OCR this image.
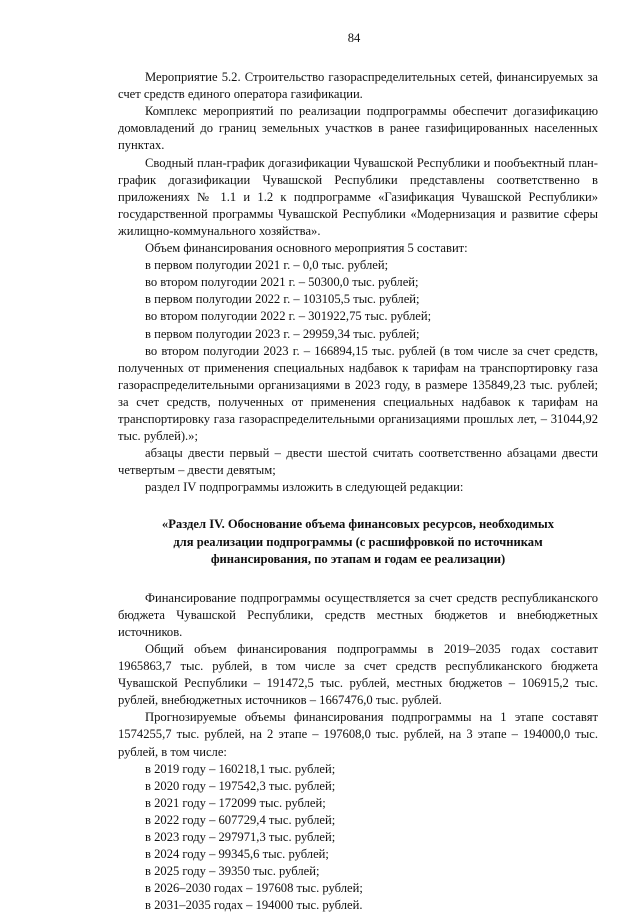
84

Мероприятие 5.2. Строительство газораспределительных сетей, финансируемых за счет средств единого оператора газификации.

Комплекс мероприятий по реализации подпрограммы обеспечит догазификацию домовладений до границ земельных участков в ранее газифицированных населенных пунктах.

Сводный план-график догазификации Чувашской Республики и пообъектный план-график догазификации Чувашской Республики представлены соответственно в приложениях № 1.1 и 1.2 к подпрограмме «Газификация Чувашской Республики» государственной программы Чувашской Республики «Модернизация и развитие сферы жилищно-коммунального хозяйства».

Объем финансирования основного мероприятия 5 составит:

в первом полугодии 2021 г. – 0,0 тыс. рублей;

во втором полугодии 2021 г. – 50300,0 тыс. рублей;

в первом полугодии 2022 г. – 103105,5 тыс. рублей;

во втором полугодии 2022 г. – 301922,75 тыс. рублей;

в первом полугодии 2023 г. – 29959,34 тыс. рублей;

во втором полугодии 2023 г. – 166894,15 тыс. рублей (в том числе за счет средств, полученных от применения специальных надбавок к тарифам на транспортировку газа газораспределительными организациями в 2023 году, в размере 135849,23 тыс. рублей; за счет средств, полученных от применения специальных надбавок к тарифам на транспортировку газа газораспределительными организациями прошлых лет, – 31044,92 тыс. рублей).»;

абзацы двести первый – двести шестой считать соответственно абзацами двести четвертым – двести девятым;

раздел IV подпрограммы изложить в следующей редакции:

«Раздел IV. Обоснование объема финансовых ресурсов, необходимых
для реализации подпрограммы (с расшифровкой по источникам
финансирования, по этапам и годам ее реализации)

Финансирование подпрограммы осуществляется за счет средств республиканского бюджета Чувашской Республики, средств местных бюджетов и внебюджетных источников.

Общий объем финансирования подпрограммы в 2019–2035 годах составит 1965863,7 тыс. рублей, в том числе за счет средств республиканского бюджета Чувашской Республики – 191472,5 тыс. рублей, местных бюджетов – 106915,2 тыс. рублей, внебюджетных источников – 1667476,0 тыс. рублей.

Прогнозируемые объемы финансирования подпрограммы на 1 этапе составят 1574255,7 тыс. рублей, на 2 этапе – 197608,0 тыс. рублей, на 3 этапе – 194000,0 тыс. рублей, в том числе:

в 2019 году – 160218,1 тыс. рублей;

в 2020 году – 197542,3 тыс. рублей;

в 2021 году – 172099 тыс. рублей;

в 2022 году – 607729,4 тыс. рублей;

в 2023 году – 297971,3 тыс. рублей;

в 2024 году – 99345,6 тыс. рублей;

в 2025 году – 39350 тыс. рублей;

в 2026–2030 годах – 197608 тыс. рублей;

в 2031–2035 годах – 194000 тыс. рублей.
